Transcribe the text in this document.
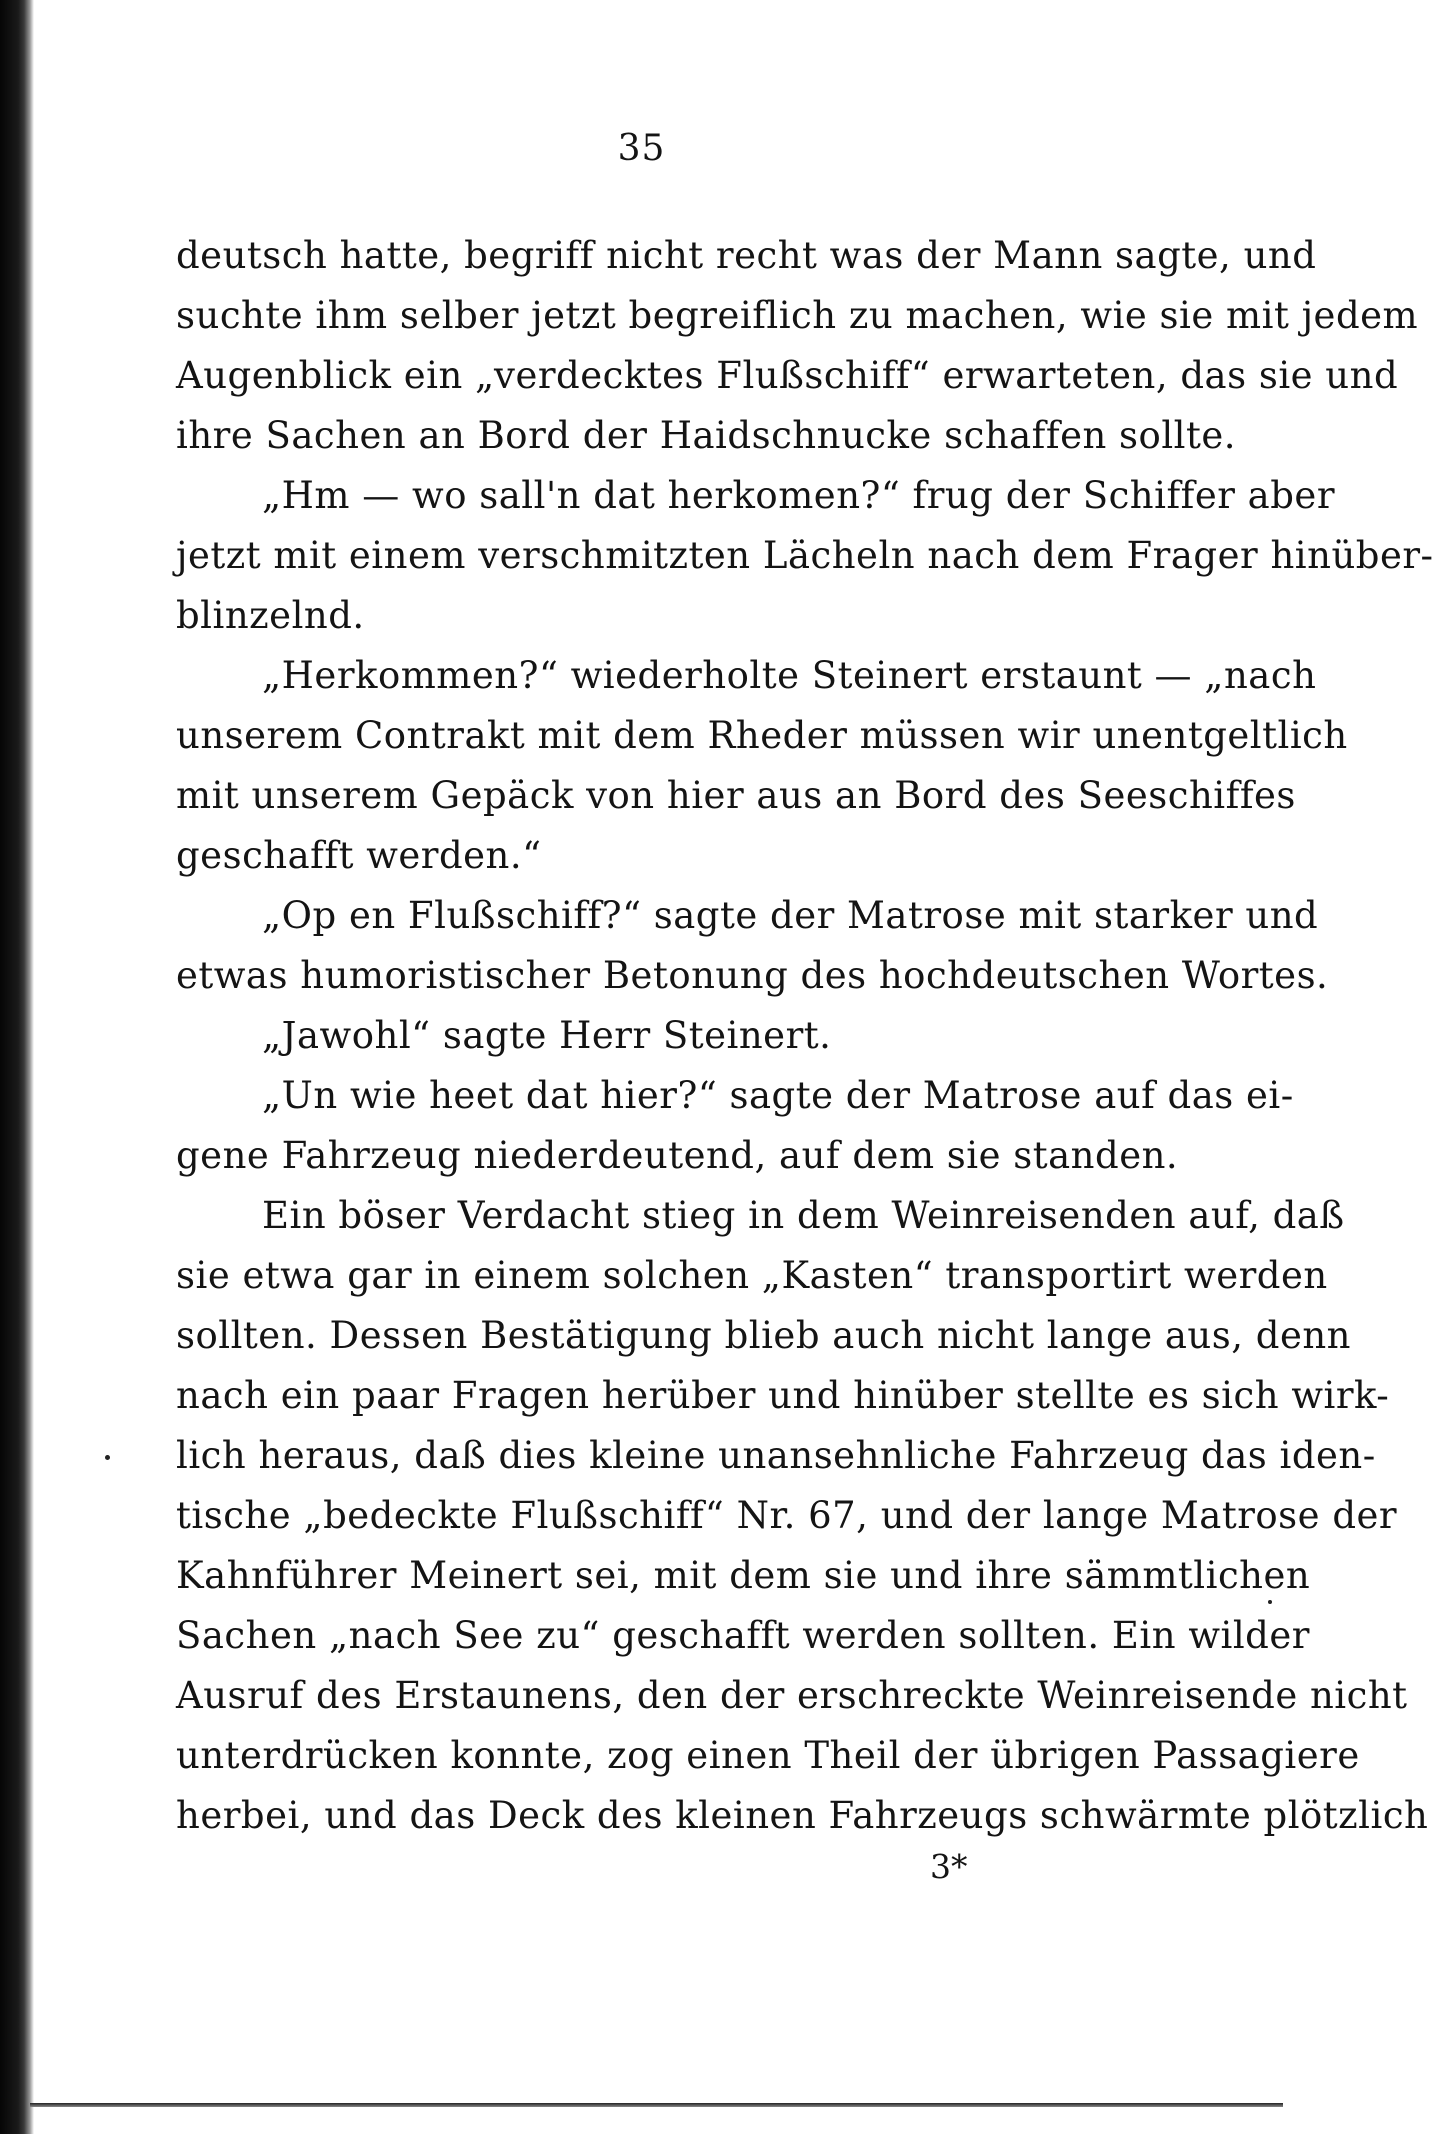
35
deutsch hatte, begriff nicht recht was der Mann sagte, und
suchte ihm selber jetzt begreiflich zu machen, wie sie mit jedem
Augenblick ein „verdecktes Flußschiff“ erwarteten, das sie und
ihre Sachen an Bord der Haidschnucke schaffen sollte.
„Hm — wo sall'n dat herkomen?“ frug der Schiffer aber
jetzt mit einem verschmitzten Lächeln nach dem Frager hinüber-
blinzelnd.
„Herkommen?“ wiederholte Steinert erstaunt — „nach
unserem Contrakt mit dem Rheder müssen wir unentgeltlich
mit unserem Gepäck von hier aus an Bord des Seeschiffes
geschafft werden.“
„Op en Flußschiff?“ sagte der Matrose mit starker und
etwas humoristischer Betonung des hochdeutschen Wortes.
„Jawohl“ sagte Herr Steinert.
„Un wie heet dat hier?“ sagte der Matrose auf das ei-
gene Fahrzeug niederdeutend, auf dem sie standen.
Ein böser Verdacht stieg in dem Weinreisenden auf, daß
sie etwa gar in einem solchen „Kasten“ transportirt werden
sollten. Dessen Bestätigung blieb auch nicht lange aus, denn
nach ein paar Fragen herüber und hinüber stellte es sich wirk-
lich heraus, daß dies kleine unansehnliche Fahrzeug das iden-
tische „bedeckte Flußschiff“ Nr. 67, und der lange Matrose der
Kahnführer Meinert sei, mit dem sie und ihre sämmtlichen
Sachen „nach See zu“ geschafft werden sollten. Ein wilder
Ausruf des Erstaunens, den der erschreckte Weinreisende nicht
unterdrücken konnte, zog einen Theil der übrigen Passagiere
herbei, und das Deck des kleinen Fahrzeugs schwärmte plötzlich
3*
